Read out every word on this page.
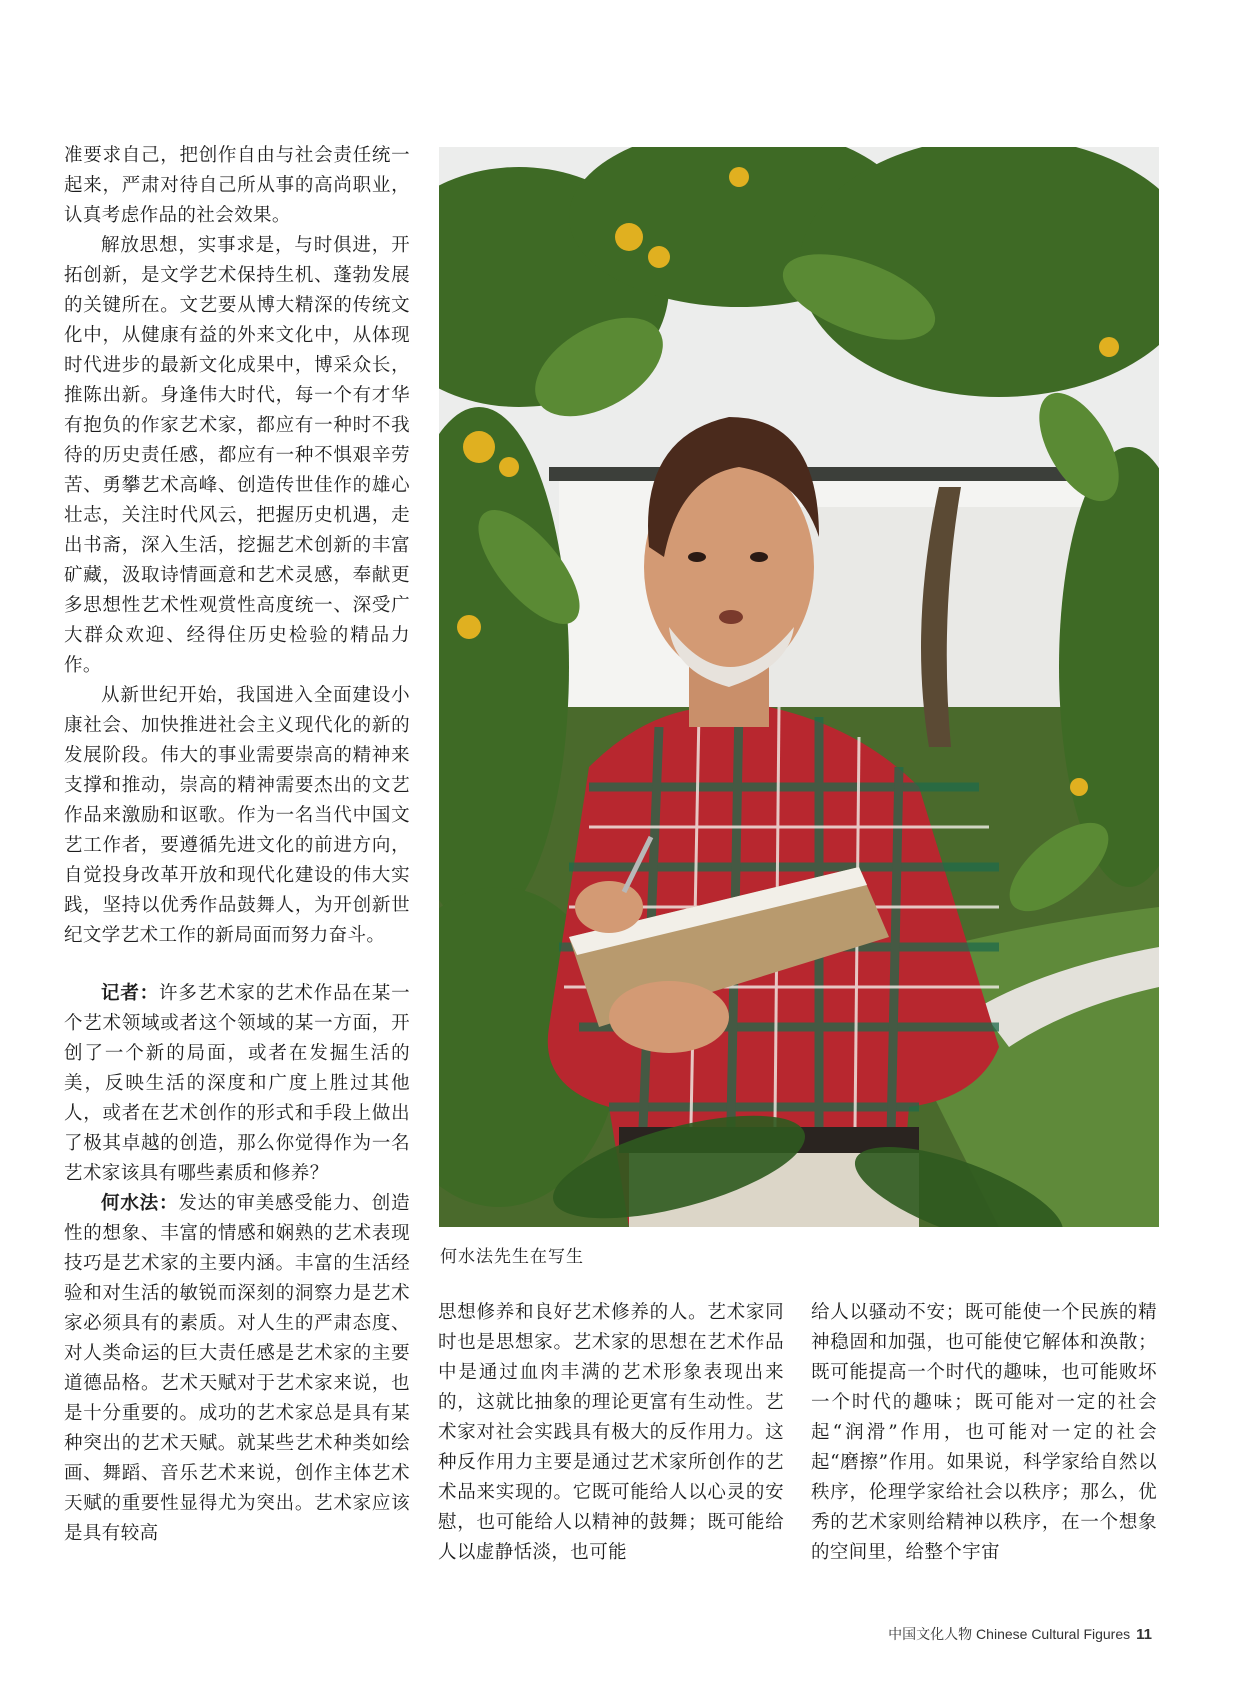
准要求自己，把创作自由与社会责任统一起来，严肃对待自己所从事的高尚职业，认真考虑作品的社会效果。

解放思想，实事求是，与时俱进，开拓创新，是文学艺术保持生机、蓬勃发展的关键所在。文艺要从博大精深的传统文化中，从健康有益的外来文化中，从体现时代进步的最新文化成果中，博采众长，推陈出新。身逢伟大时代，每一个有才华有抱负的作家艺术家，都应有一种时不我待的历史责任感，都应有一种不惧艰辛劳苦、勇攀艺术高峰、创造传世佳作的雄心壮志，关注时代风云，把握历史机遇，走出书斋，深入生活，挖掘艺术创新的丰富矿藏，汲取诗情画意和艺术灵感，奉献更多思想性艺术性观赏性高度统一、深受广大群众欢迎、经得住历史检验的精品力作。

从新世纪开始，我国进入全面建设小康社会、加快推进社会主义现代化的新的发展阶段。伟大的事业需要崇高的精神来支撑和推动，崇高的精神需要杰出的文艺作品来激励和讴歌。作为一名当代中国文艺工作者，要遵循先进文化的前进方向，自觉投身改革开放和现代化建设的伟大实践，坚持以优秀作品鼓舞人，为开创新世纪文学艺术工作的新局面而努力奋斗。

记者：许多艺术家的艺术作品在某一个艺术领域或者这个领域的某一方面，开创了一个新的局面，或者在发掘生活的美，反映生活的深度和广度上胜过其他人，或者在艺术创作的形式和手段上做出了极其卓越的创造，那么你觉得作为一名艺术家该具有哪些素质和修养？

何水法：发达的审美感受能力、创造性的想象、丰富的情感和娴熟的艺术表现技巧是艺术家的主要内涵。丰富的生活经验和对生活的敏锐而深刻的洞察力是艺术家必须具有的素质。对人生的严肃态度、对人类命运的巨大责任感是艺术家的主要道德品格。艺术天赋对于艺术家来说，也是十分重要的。成功的艺术家总是具有某种突出的艺术天赋。就某些艺术种类如绘画、舞蹈、音乐艺术来说，创作主体艺术天赋的重要性显得尤为突出。艺术家应该是具有较高

何水法先生在写生

思想修养和良好艺术修养的人。艺术家同时也是思想家。艺术家的思想在艺术作品中是通过血肉丰满的艺术形象表现出来的，这就比抽象的理论更富有生动性。艺术家对社会实践具有极大的反作用力。这种反作用力主要是通过艺术家所创作的艺术品来实现的。它既可能给人以心灵的安慰，也可能给人以精神的鼓舞；既可能给人以虚静恬淡，也可能

给人以骚动不安；既可能使一个民族的精神稳固和加强，也可能使它解体和涣散；既可能提高一个时代的趣味，也可能败坏一个时代的趣味；既可能对一定的社会起“润滑”作用，也可能对一定的社会起“磨擦”作用。如果说，科学家给自然以秩序，伦理学家给社会以秩序；那么，优秀的艺术家则给精神以秩序，在一个想象的空间里，给整个宇宙

中国文化人物 Chinese Cultural Figures 11
